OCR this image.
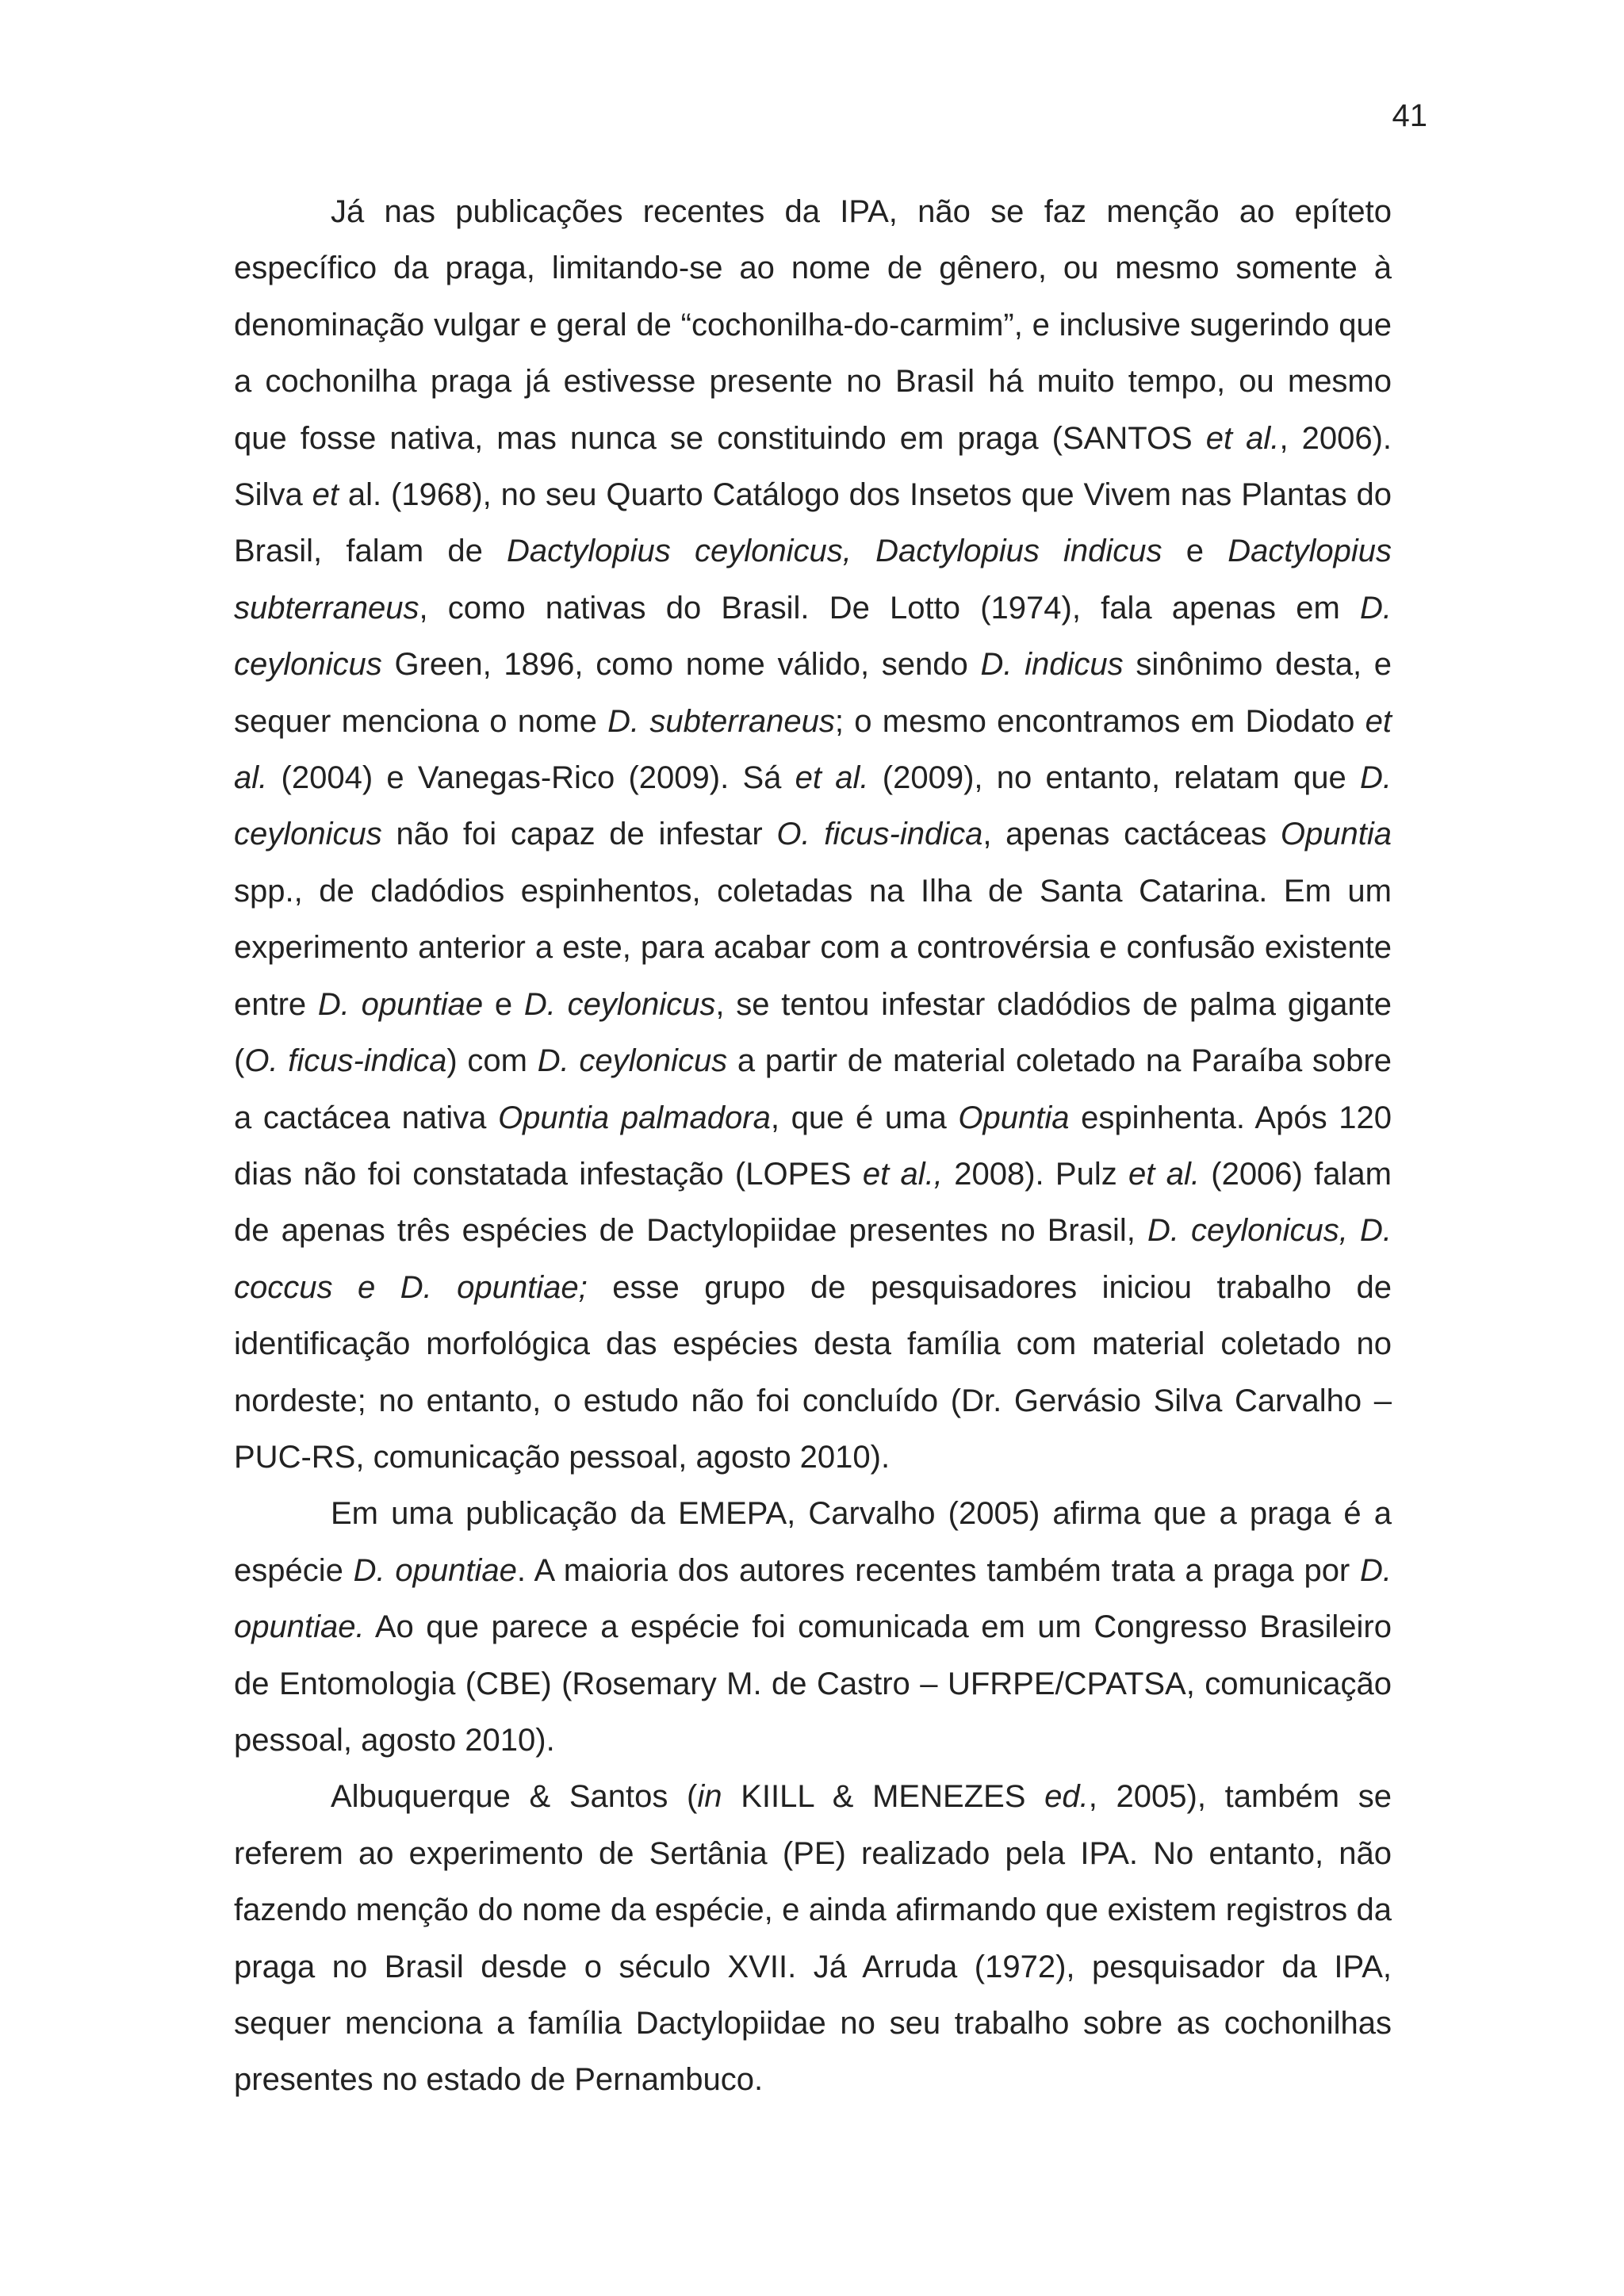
41

Já nas publicações recentes da IPA, não se faz menção ao epíteto específico da praga, limitando-se ao nome de gênero, ou mesmo somente à denominação vulgar e geral de “cochonilha-do-carmim”, e inclusive sugerindo que a cochonilha praga já estivesse presente no Brasil há muito tempo, ou mesmo que fosse nativa, mas nunca se constituindo em praga (SANTOS et al., 2006). Silva et al. (1968), no seu Quarto Catálogo dos Insetos que Vivem nas Plantas do Brasil, falam de Dactylopius ceylonicus, Dactylopius indicus e Dactylopius subterraneus, como nativas do Brasil. De Lotto (1974), fala apenas em D. ceylonicus Green, 1896, como nome válido, sendo D. indicus sinônimo desta, e sequer menciona o nome D. subterraneus; o mesmo encontramos em Diodato et al. (2004) e Vanegas-Rico (2009). Sá et al. (2009), no entanto, relatam que D. ceylonicus não foi capaz de infestar O. ficus-indica, apenas cactáceas Opuntia spp., de cladódios espinhentos, coletadas na Ilha de Santa Catarina. Em um experimento anterior a este, para acabar com a controvérsia e confusão existente entre D. opuntiae e D. ceylonicus, se tentou infestar cladódios de palma gigante (O. ficus-indica) com D. ceylonicus a partir de material coletado na Paraíba sobre a cactácea nativa Opuntia palmadora, que é uma Opuntia espinhenta. Após 120 dias não foi constatada infestação (LOPES et al., 2008). Pulz et al. (2006) falam de apenas três espécies de Dactylopiidae presentes no Brasil, D. ceylonicus, D. coccus e D. opuntiae; esse grupo de pesquisadores iniciou trabalho de identificação morfológica das espécies desta família com material coletado no nordeste; no entanto, o estudo não foi concluído (Dr. Gervásio Silva Carvalho – PUC-RS, comunicação pessoal, agosto 2010).

Em uma publicação da EMEPA, Carvalho (2005) afirma que a praga é a espécie D. opuntiae. A maioria dos autores recentes também trata a praga por D. opuntiae. Ao que parece a espécie foi comunicada em um Congresso Brasileiro de Entomologia (CBE) (Rosemary M. de Castro – UFRPE/CPATSA, comunicação pessoal, agosto 2010).

Albuquerque & Santos (in KIILL & MENEZES ed., 2005), também se referem ao experimento de Sertânia (PE) realizado pela IPA. No entanto, não fazendo menção do nome da espécie, e ainda afirmando que existem registros da praga no Brasil desde o século XVII. Já Arruda (1972), pesquisador da IPA, sequer menciona a família Dactylopiidae no seu trabalho sobre as cochonilhas presentes no estado de Pernambuco.
